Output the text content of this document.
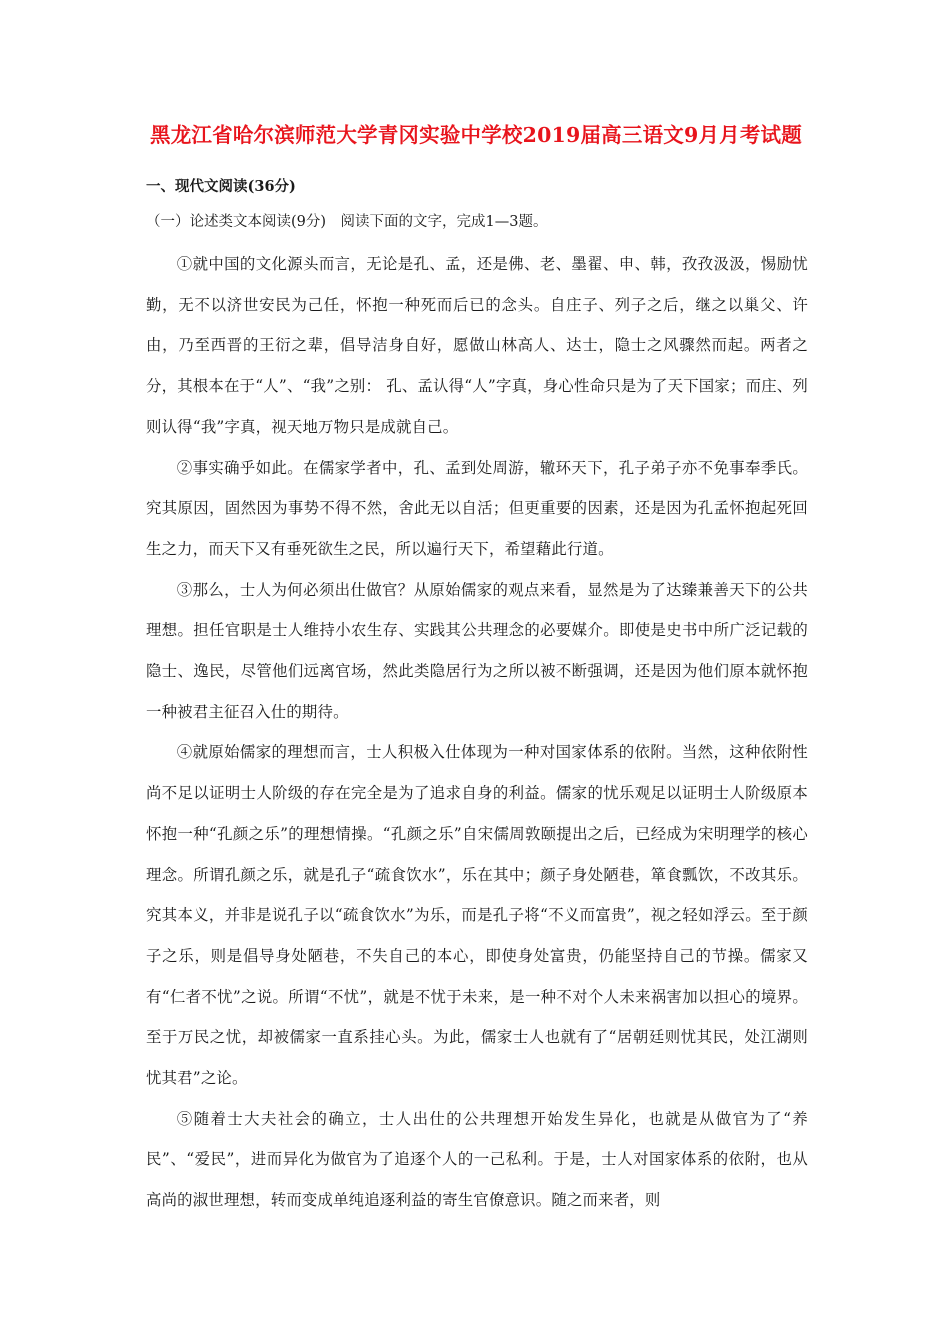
黑龙江省哈尔滨师范大学青冈实验中学校2019届高三语文9月月考试题

一、现代文阅读(36分)

（一）论述类文本阅读(9分)　阅读下面的文字，完成1—3题。

①就中国的文化源头而言，无论是孔、孟，还是佛、老、墨翟、申、韩，孜孜汲汲，惕励忧勤，无不以济世安民为己任，怀抱一种死而后已的念头。自庄子、列子之后，继之以巢父、许由，乃至西晋的王衍之辈，倡导洁身自好，愿做山林高人、达士，隐士之风骤然而起。两者之分，其根本在于“人”、“我”之别： 孔、孟认得“人”字真，身心性命只是为了天下国家；而庄、列则认得“我”字真，视天地万物只是成就自己。

②事实确乎如此。在儒家学者中，孔、孟到处周游，辙环天下，孔子弟子亦不免事奉季氏。究其原因，固然因为事势不得不然，舍此无以自活；但更重要的因素，还是因为孔孟怀抱起死回生之力，而天下又有垂死欲生之民，所以遍行天下，希望藉此行道。

③那么，士人为何必须出仕做官？从原始儒家的观点来看，显然是为了达臻兼善天下的公共理想。担任官职是士人维持小农生存、实践其公共理念的必要媒介。即使是史书中所广泛记载的隐士、逸民，尽管他们远离官场，然此类隐居行为之所以被不断强调，还是因为他们原本就怀抱一种被君主征召入仕的期待。

④就原始儒家的理想而言，士人积极入仕体现为一种对国家体系的依附。当然，这种依附性尚不足以证明士人阶级的存在完全是为了追求自身的利益。儒家的忧乐观足以证明士人阶级原本怀抱一种“孔颜之乐”的理想情操。“孔颜之乐”自宋儒周敦颐提出之后，已经成为宋明理学的核心理念。所谓孔颜之乐，就是孔子“疏食饮水”，乐在其中；颜子身处陋巷，箪食瓢饮，不改其乐。究其本义，并非是说孔子以“疏食饮水”为乐，而是孔子将“不义而富贵”，视之轻如浮云。至于颜子之乐，则是倡导身处陋巷，不失自己的本心，即使身处富贵，仍能坚持自己的节操。儒家又有“仁者不忧”之说。所谓“不忧”，就是不忧于未来，是一种不对个人未来祸害加以担心的境界。至于万民之忧，却被儒家一直系挂心头。为此，儒家士人也就有了“居朝廷则忧其民，处江湖则忧其君”之论。

⑤随着士大夫社会的确立，士人出仕的公共理想开始发生异化，也就是从做官为了“养民”、“爱民”，进而异化为做官为了追逐个人的一己私利。于是，士人对国家体系的依附，也从高尚的淑世理想，转而变成单纯追逐利益的寄生官僚意识。随之而来者，则
